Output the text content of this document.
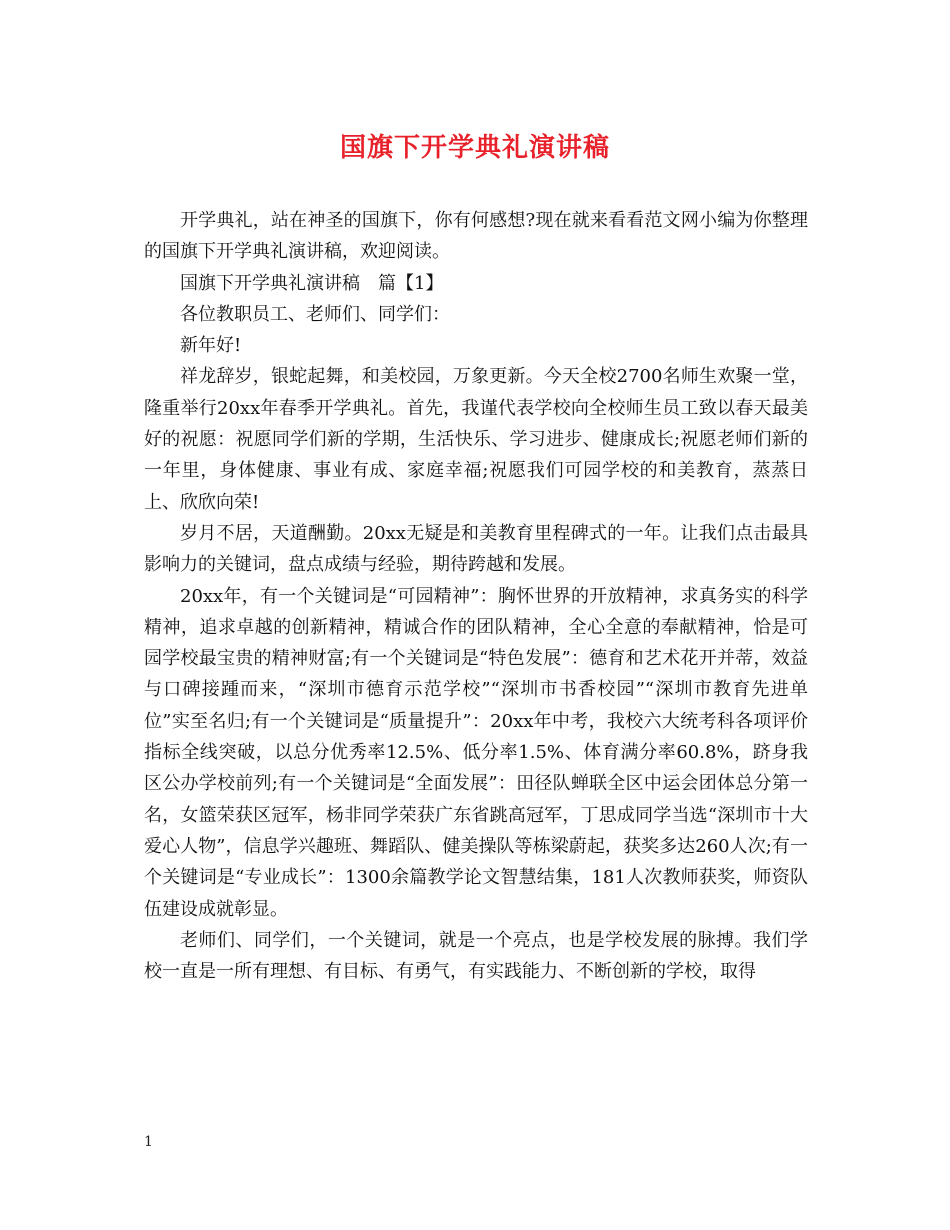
国旗下开学典礼演讲稿

开学典礼，站在神圣的国旗下，你有何感想?现在就来看看范文网小编为你整理的国旗下开学典礼演讲稿，欢迎阅读。

国旗下开学典礼演讲稿　篇【1】

各位教职员工、老师们、同学们：

新年好!

祥龙辞岁，银蛇起舞，和美校园，万象更新。今天全校2700名师生欢聚一堂，隆重举行20xx年春季开学典礼。首先，我谨代表学校向全校师生员工致以春天最美好的祝愿：祝愿同学们新的学期，生活快乐、学习进步、健康成长;祝愿老师们新的一年里，身体健康、事业有成、家庭幸福;祝愿我们可园学校的和美教育，蒸蒸日上、欣欣向荣!

岁月不居，天道酬勤。20xx无疑是和美教育里程碑式的一年。让我们点击最具影响力的关键词，盘点成绩与经验，期待跨越和发展。

20xx年，有一个关键词是“可园精神”：胸怀世界的开放精神，求真务实的科学精神，追求卓越的创新精神，精诚合作的团队精神，全心全意的奉献精神，恰是可园学校最宝贵的精神财富;有一个关键词是“特色发展”：德育和艺术花开并蒂，效益与口碑接踵而来，“深圳市德育示范学校”“深圳市书香校园”“深圳市教育先进单位”实至名归;有一个关键词是“质量提升”：20xx年中考，我校六大统考科各项评价指标全线突破，以总分优秀率12.5%、低分率1.5%、体育满分率60.8%，跻身我区公办学校前列;有一个关键词是“全面发展”：田径队蝉联全区中运会团体总分第一名，女篮荣获区冠军，杨非同学荣获广东省跳高冠军，丁思成同学当选“深圳市十大爱心人物”，信息学兴趣班、舞蹈队、健美操队等栋梁蔚起，获奖多达260人次;有一个关键词是“专业成长”：1300余篇教学论文智慧结集，181人次教师获奖，师资队伍建设成就彰显。

老师们、同学们，一个关键词，就是一个亮点，也是学校发展的脉搏。我们学校一直是一所有理想、有目标、有勇气，有实践能力、不断创新的学校，取得

1
